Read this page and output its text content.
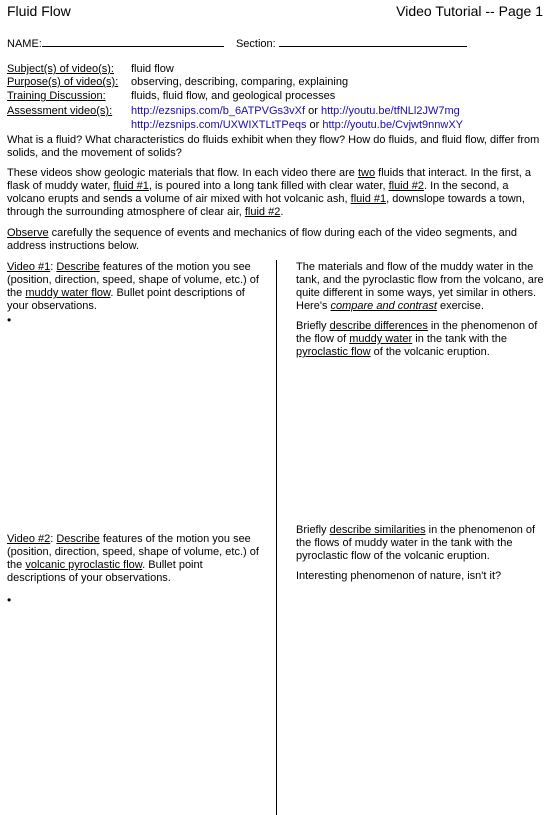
Fluid Flow	Video Tutorial -- Page 1
NAME:	Section:
Subject(s) of video(s): fluid flow
Purpose(s) of video(s): observing, describing, comparing, explaining
Training Discussion: fluids, fluid flow, and geological processes
Assessment video(s): http://ezsnips.com/b_6ATPVGs3vXf or http://youtu.be/tfNLl2JW7mg
http://ezsnips.com/UXWIXTLtTPeqs or http://youtu.be/Cvjwt9nnwXY
What is a fluid? What characteristics do fluids exhibit when they flow? How do fluids, and fluid flow, differ from solids, and the movement of solids?
These videos show geologic materials that flow. In each video there are two fluids that interact. In the first, a flask of muddy water, fluid #1, is poured into a long tank filled with clear water, fluid #2. In the second, a volcano erupts and sends a volume of air mixed with hot volcanic ash, fluid #1, downslope towards a town, through the surrounding atmosphere of clear air, fluid #2.
Observe carefully the sequence of events and mechanics of flow during each of the video segments, and address instructions below.
Video #1: Describe features of the motion you see (position, direction, speed, shape of volume, etc.) of the muddy water flow. Bullet point descriptions of your observations.
•
Video #2: Describe features of the motion you see (position, direction, speed, shape of volume, etc.) of the volcanic pyroclastic flow. Bullet point descriptions of your observations.
•
The materials and flow of the muddy water in the tank, and the pyroclastic flow from the volcano, are quite different in some ways, yet similar in others. Here's compare and contrast exercise.
Briefly describe differences in the phenomenon of the flow of muddy water in the tank with the pyroclastic flow of the volcanic eruption.
Briefly describe similarities in the phenomenon of the flows of muddy water in the tank with the pyroclastic flow of the volcanic eruption.
Interesting phenomenon of nature, isn't it?
